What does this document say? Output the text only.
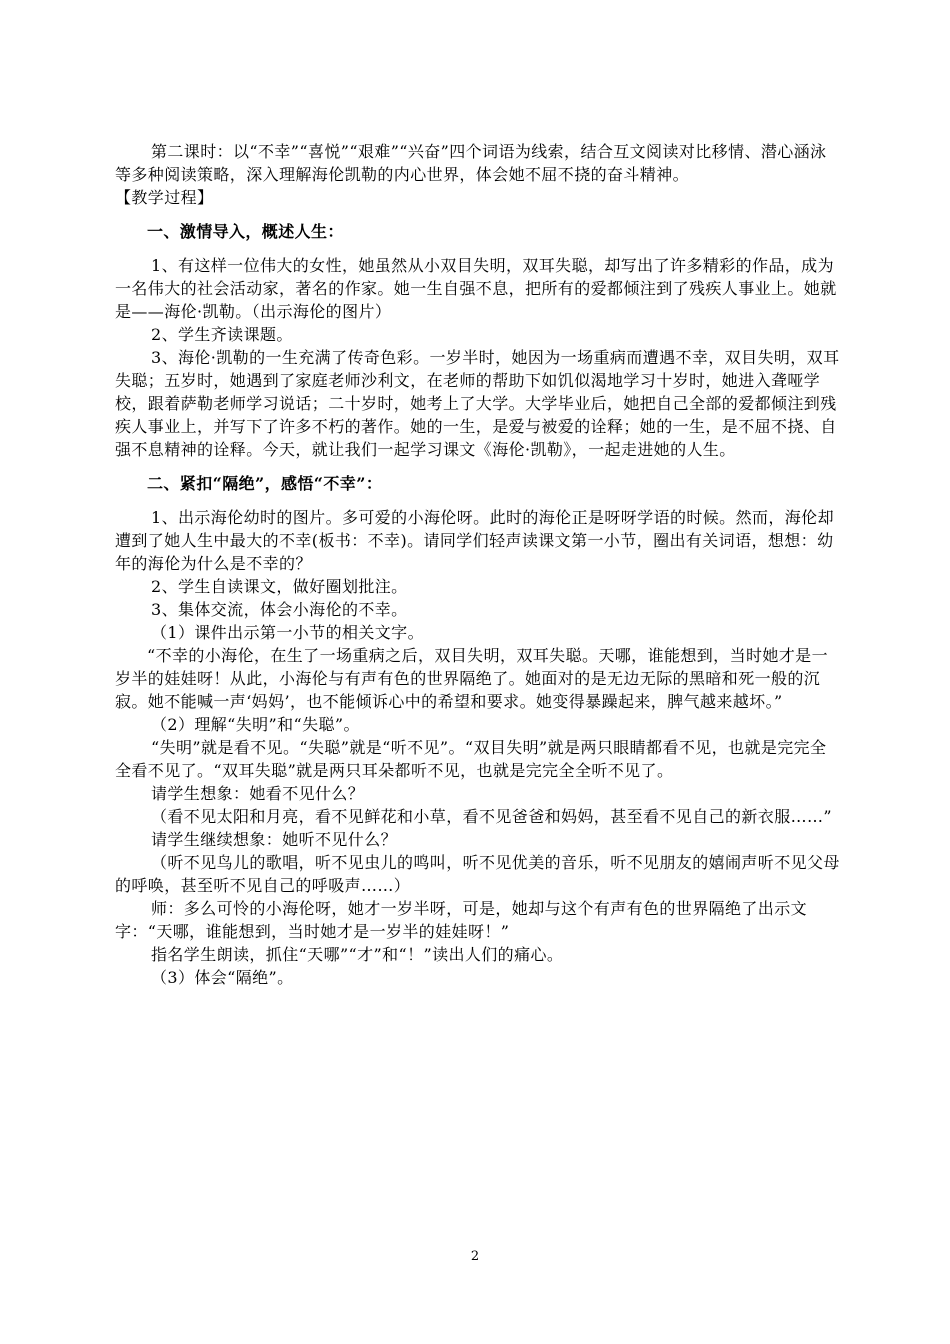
第二课时：以“不幸”“喜悦”“艰难”“兴奋”四个词语为线索，结合互文阅读对比移情、潜心涵泳等多种阅读策略，深入理解海伦凯勒的内心世界，体会她不屈不挠的奋斗精神。

【教学过程】

一、激情导入，概述人生：

1、有这样一位伟大的女性，她虽然从小双目失明，双耳失聪，却写出了许多精彩的作品，成为一名伟大的社会活动家，著名的作家。她一生自强不息，把所有的爱都倾注到了残疾人事业上。她就是——海伦·凯勒。（出示海伦的图片）

2、学生齐读课题。

3、海伦·凯勒的一生充满了传奇色彩。一岁半时，她因为一场重病而遭遇不幸，双目失明，双耳失聪；五岁时，她遇到了家庭老师沙利文，在老师的帮助下如饥似渴地学习十岁时，她进入聋哑学校，跟着萨勒老师学习说话；二十岁时，她考上了大学。大学毕业后，她把自己全部的爱都倾注到残疾人事业上，并写下了许多不朽的著作。她的一生，是爱与被爱的诠释；她的一生，是不屈不挠、自强不息精神的诠释。今天，就让我们一起学习课文《海伦·凯勒》，一起走进她的人生。

二、紧扣“隔绝”，感悟“不幸”：

1、出示海伦幼时的图片。多可爱的小海伦呀。此时的海伦正是呀呀学语的时候。然而，海伦却遭到了她人生中最大的不幸(板书：不幸)。请同学们轻声读课文第一小节，圈出有关词语，想想：幼年的海伦为什么是不幸的？

2、学生自读课文，做好圈划批注。

3、集体交流，体会小海伦的不幸。

（1）课件出示第一小节的相关文字。

“不幸的小海伦，在生了一场重病之后，双目失明，双耳失聪。天哪，谁能想到，当时她才是一岁半的娃娃呀！从此，小海伦与有声有色的世界隔绝了。她面对的是无边无际的黑暗和死一般的沉寂。她不能喊一声‘妈妈’，也不能倾诉心中的希望和要求。她变得暴躁起来，脾气越来越坏。”

（2）理解“失明”和“失聪”。

“失明”就是看不见。“失聪”就是“听不见”。“双目失明”就是两只眼睛都看不见，也就是完完全全看不见了。“双耳失聪”就是两只耳朵都听不见，也就是完完全全听不见了。

请学生想象：她看不见什么？

（看不见太阳和月亮，看不见鲜花和小草，看不见爸爸和妈妈，甚至看不见自己的新衣服……”

请学生继续想象：她听不见什么？

（听不见鸟儿的歌唱，听不见虫儿的鸣叫，听不见优美的音乐，听不见朋友的嬉闹声听不见父母的呼唤，甚至听不见自己的呼吸声……）

师：多么可怜的小海伦呀，她才一岁半呀，可是，她却与这个有声有色的世界隔绝了出示文字：“天哪，谁能想到，当时她才是一岁半的娃娃呀！”

指名学生朗读，抓住“天哪”“才”和“！”读出人们的痛心。

（3）体会“隔绝”。

2
